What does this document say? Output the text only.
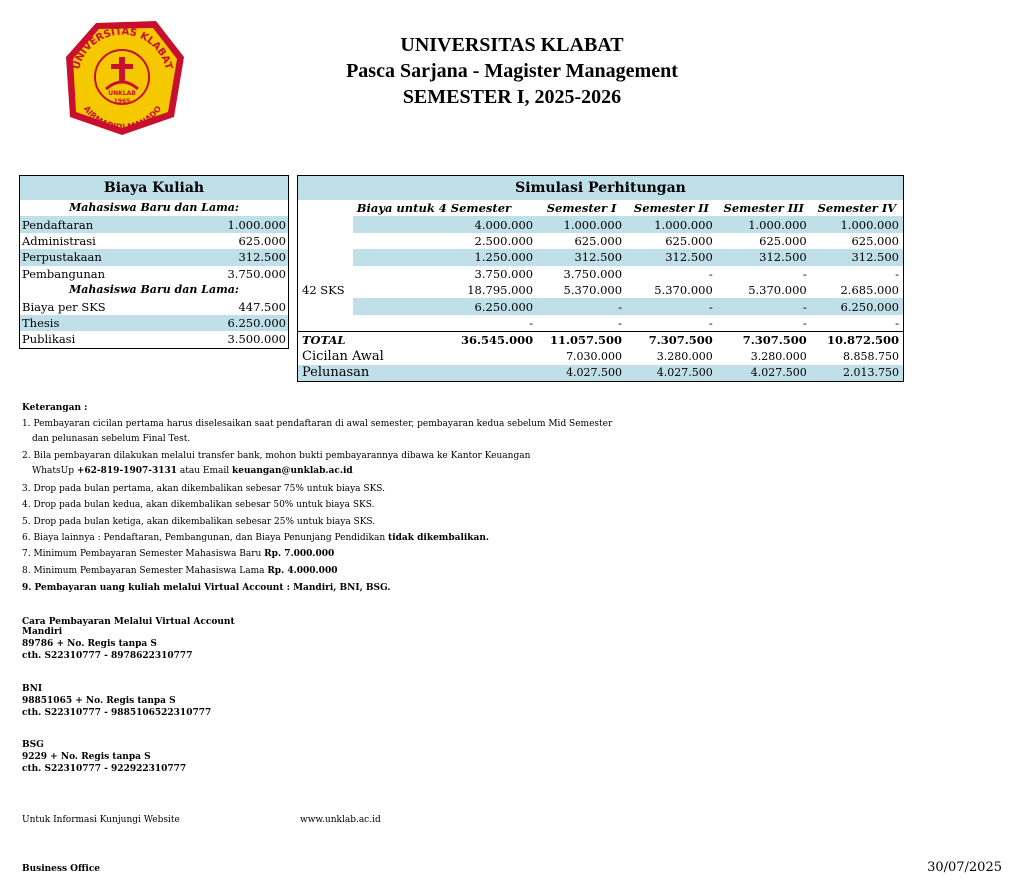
UNIVERSITAS KLABAT
AIRMADIDI MANADO
UNKLAB
1965
UNIVERSITAS KLABAT
Pasca Sarjana - Magister Management
SEMESTER I, 2025-2026
Biaya Kuliah	
Mahasiswa Baru dan Lama:	
Pendaftaran	1.000.000
Administrasi	625.000
Perpustakaan	312.500
Pembangunan	3.750.000
Mahasiswa Baru dan Lama:	
Biaya per SKS	447.500
Thesis	6.250.000
Publikasi	3.500.000
Simulasi Perhitungan					
	Biaya untuk 4 Semester	Semester I	Semester II	Semester III	Semester IV
	4.000.000	1.000.000	1.000.000	1.000.000	1.000.000
	2.500.000	625.000	625.000	625.000	625.000
	1.250.000	312.500	312.500	312.500	312.500
	3.750.000	3.750.000	-	-	-
42 SKS	18.795.000	5.370.000	5.370.000	5.370.000	2.685.000
	6.250.000	-	-	-	6.250.000
	-	-	-	-	-
TOTAL	36.545.000	11.057.500	7.307.500	7.307.500	10.872.500
Cicilan Awal		7.030.000	3.280.000	3.280.000	8.858.750
Pelunasan		4.027.500	4.027.500	4.027.500	2.013.750
Keterangan :
1. Pembayaran cicilan pertama harus diselesaikan saat pendaftaran di awal semester, pembayaran kedua sebelum Mid Semester
dan pelunasan sebelum Final Test.
2. Bila pembayaran dilakukan melalui transfer bank, mohon bukti pembayarannya dibawa ke Kantor Keuangan
WhatsUp +62-819-1907-3131 atau Email keuangan@unklab.ac.id
3. Drop pada bulan pertama, akan dikembalikan sebesar 75% untuk biaya SKS.
4. Drop pada bulan kedua, akan dikembalikan sebesar 50% untuk biaya SKS.
5. Drop pada bulan ketiga, akan dikembalikan sebesar 25% untuk biaya SKS.
6. Biaya lainnya : Pendaftaran, Pembangunan, dan Biaya Penunjang Pendidikan tidak dikembalikan.
7. Minimum Pembayaran Semester Mahasiswa Baru Rp. 7.000.000
8. Minimum Pembayaran Semester Mahasiswa Lama Rp. 4.000.000
9. Pembayaran uang kuliah melalui Virtual Account : Mandiri, BNI, BSG.
Cara Pembayaran Melalui Virtual Account
Mandiri
89786 + No. Regis tanpa S
cth. S22310777 - 8978622310777
BNI
98851065 + No. Regis tanpa S
cth. S22310777 - 9885106522310777
BSG
9229 + No. Regis tanpa S
cth. S22310777 - 922922310777
Untuk Informasi Kunjungi Website	www.unklab.ac.id
Business Office	30/07/2025
